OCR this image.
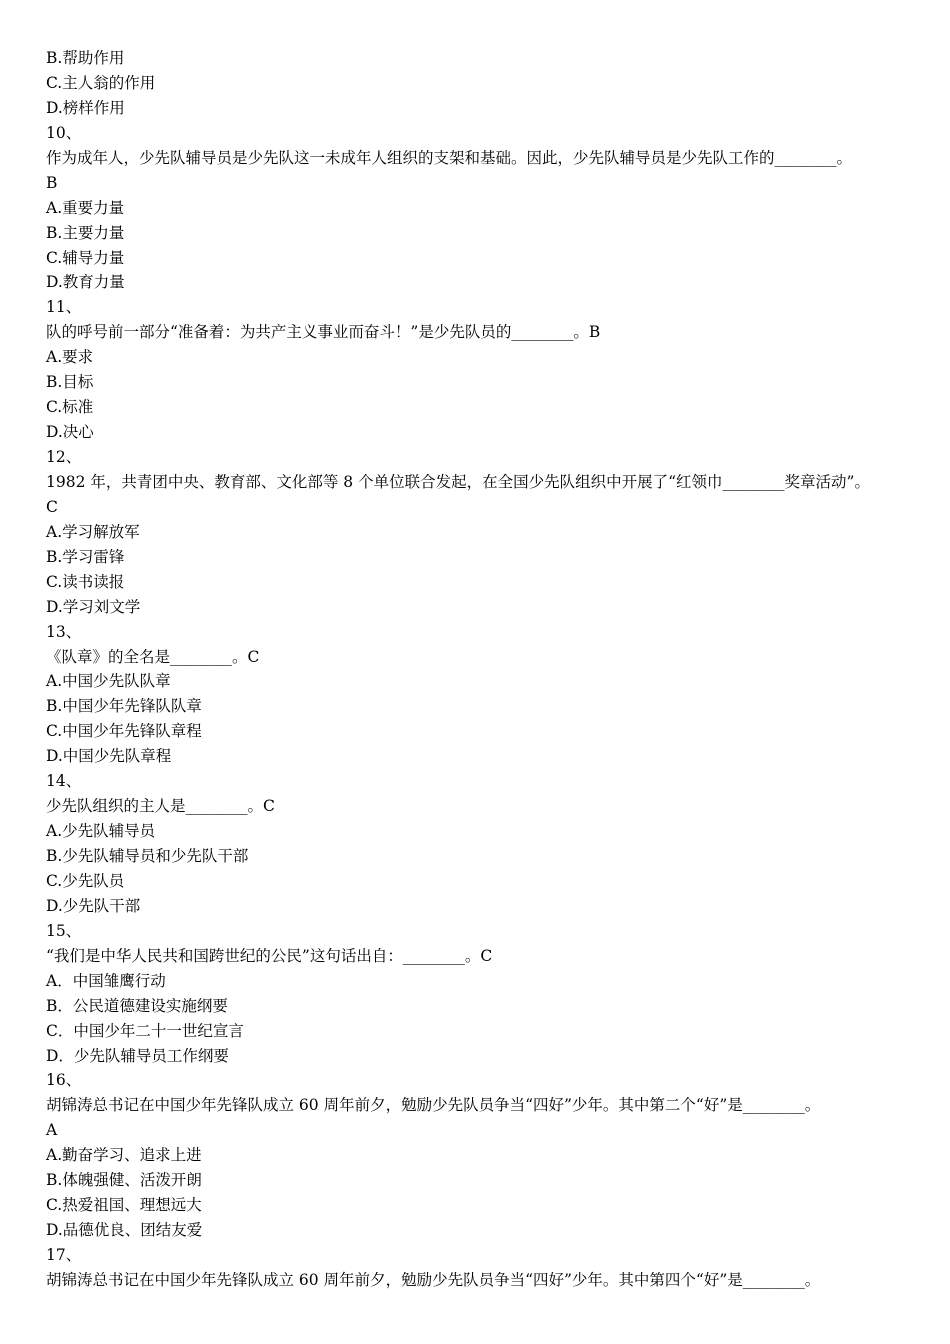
B.帮助作用
C.主人翁的作用
D.榜样作用
10、
作为成年人，少先队辅导员是少先队这一未成年人组织的支架和基础。因此，少先队辅导员是少先队工作的________。
B
A.重要力量
B.主要力量
C.辅导力量
D.教育力量
11、
队的呼号前一部分“准备着：为共产主义事业而奋斗！”是少先队员的________。B
A.要求
B.目标
C.标准
D.决心
12、
1982 年，共青团中央、教育部、文化部等 8 个单位联合发起，在全国少先队组织中开展了“红领巾________奖章活动”。
C
A.学习解放军
B.学习雷锋
C.读书读报
D.学习刘文学
13、
《队章》的全名是________。C
A.中国少先队队章
B.中国少年先锋队队章
C.中国少年先锋队章程
D.中国少先队章程
14、
少先队组织的主人是________。C
A.少先队辅导员
B.少先队辅导员和少先队干部
C.少先队员
D.少先队干部
15、
“我们是中华人民共和国跨世纪的公民”这句话出自：________。C
A．中国雏鹰行动
B．公民道德建设实施纲要
C．中国少年二十一世纪宣言
D．少先队辅导员工作纲要
16、
胡锦涛总书记在中国少年先锋队成立 60 周年前夕，勉励少先队员争当“四好”少年。其中第二个“好”是________。
A
A.勤奋学习、追求上进
B.体魄强健、活泼开朗
C.热爱祖国、理想远大
D.品德优良、团结友爱
17、
胡锦涛总书记在中国少年先锋队成立 60 周年前夕，勉励少先队员争当“四好”少年。其中第四个“好”是________。
